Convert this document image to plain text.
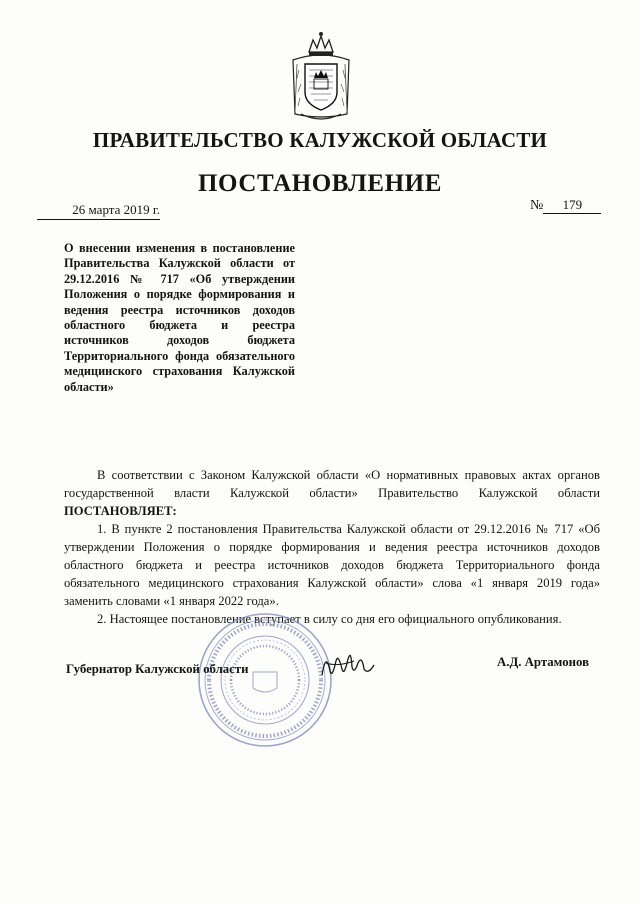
ПРАВИТЕЛЬСТВО КАЛУЖСКОЙ ОБЛАСТИ
ПОСТАНОВЛЕНИЕ
26 марта 2019 г.	№ 179
О внесении изменения в постановление Правительства Калужской области от 29.12.2016 № 717 «Об утверждении Положения о порядке формирования и ведения реестра источников доходов областного бюджета и реестра источников доходов бюджета Территориального фонда обязательного медицинского страхования Калужской области»

В соответствии с Законом Калужской области «О нормативных правовых актах органов государственной власти Калужской области» Правительство Калужской области ПОСТАНОВЛЯЕТ:

1. В пункте 2 постановления Правительства Калужской области от 29.12.2016 № 717 «Об утверждении Положения о порядке формирования и ведения реестра источников доходов областного бюджета и реестра источников доходов бюджета Территориального фонда обязательного медицинского страхования Калужской области» слова «1 января 2019 года» заменить словами «1 января 2022 года».

2. Настоящее постановление вступает в силу со дня его официального опубликования.

Губернатор Калужской области	А.Д. Артамонов
